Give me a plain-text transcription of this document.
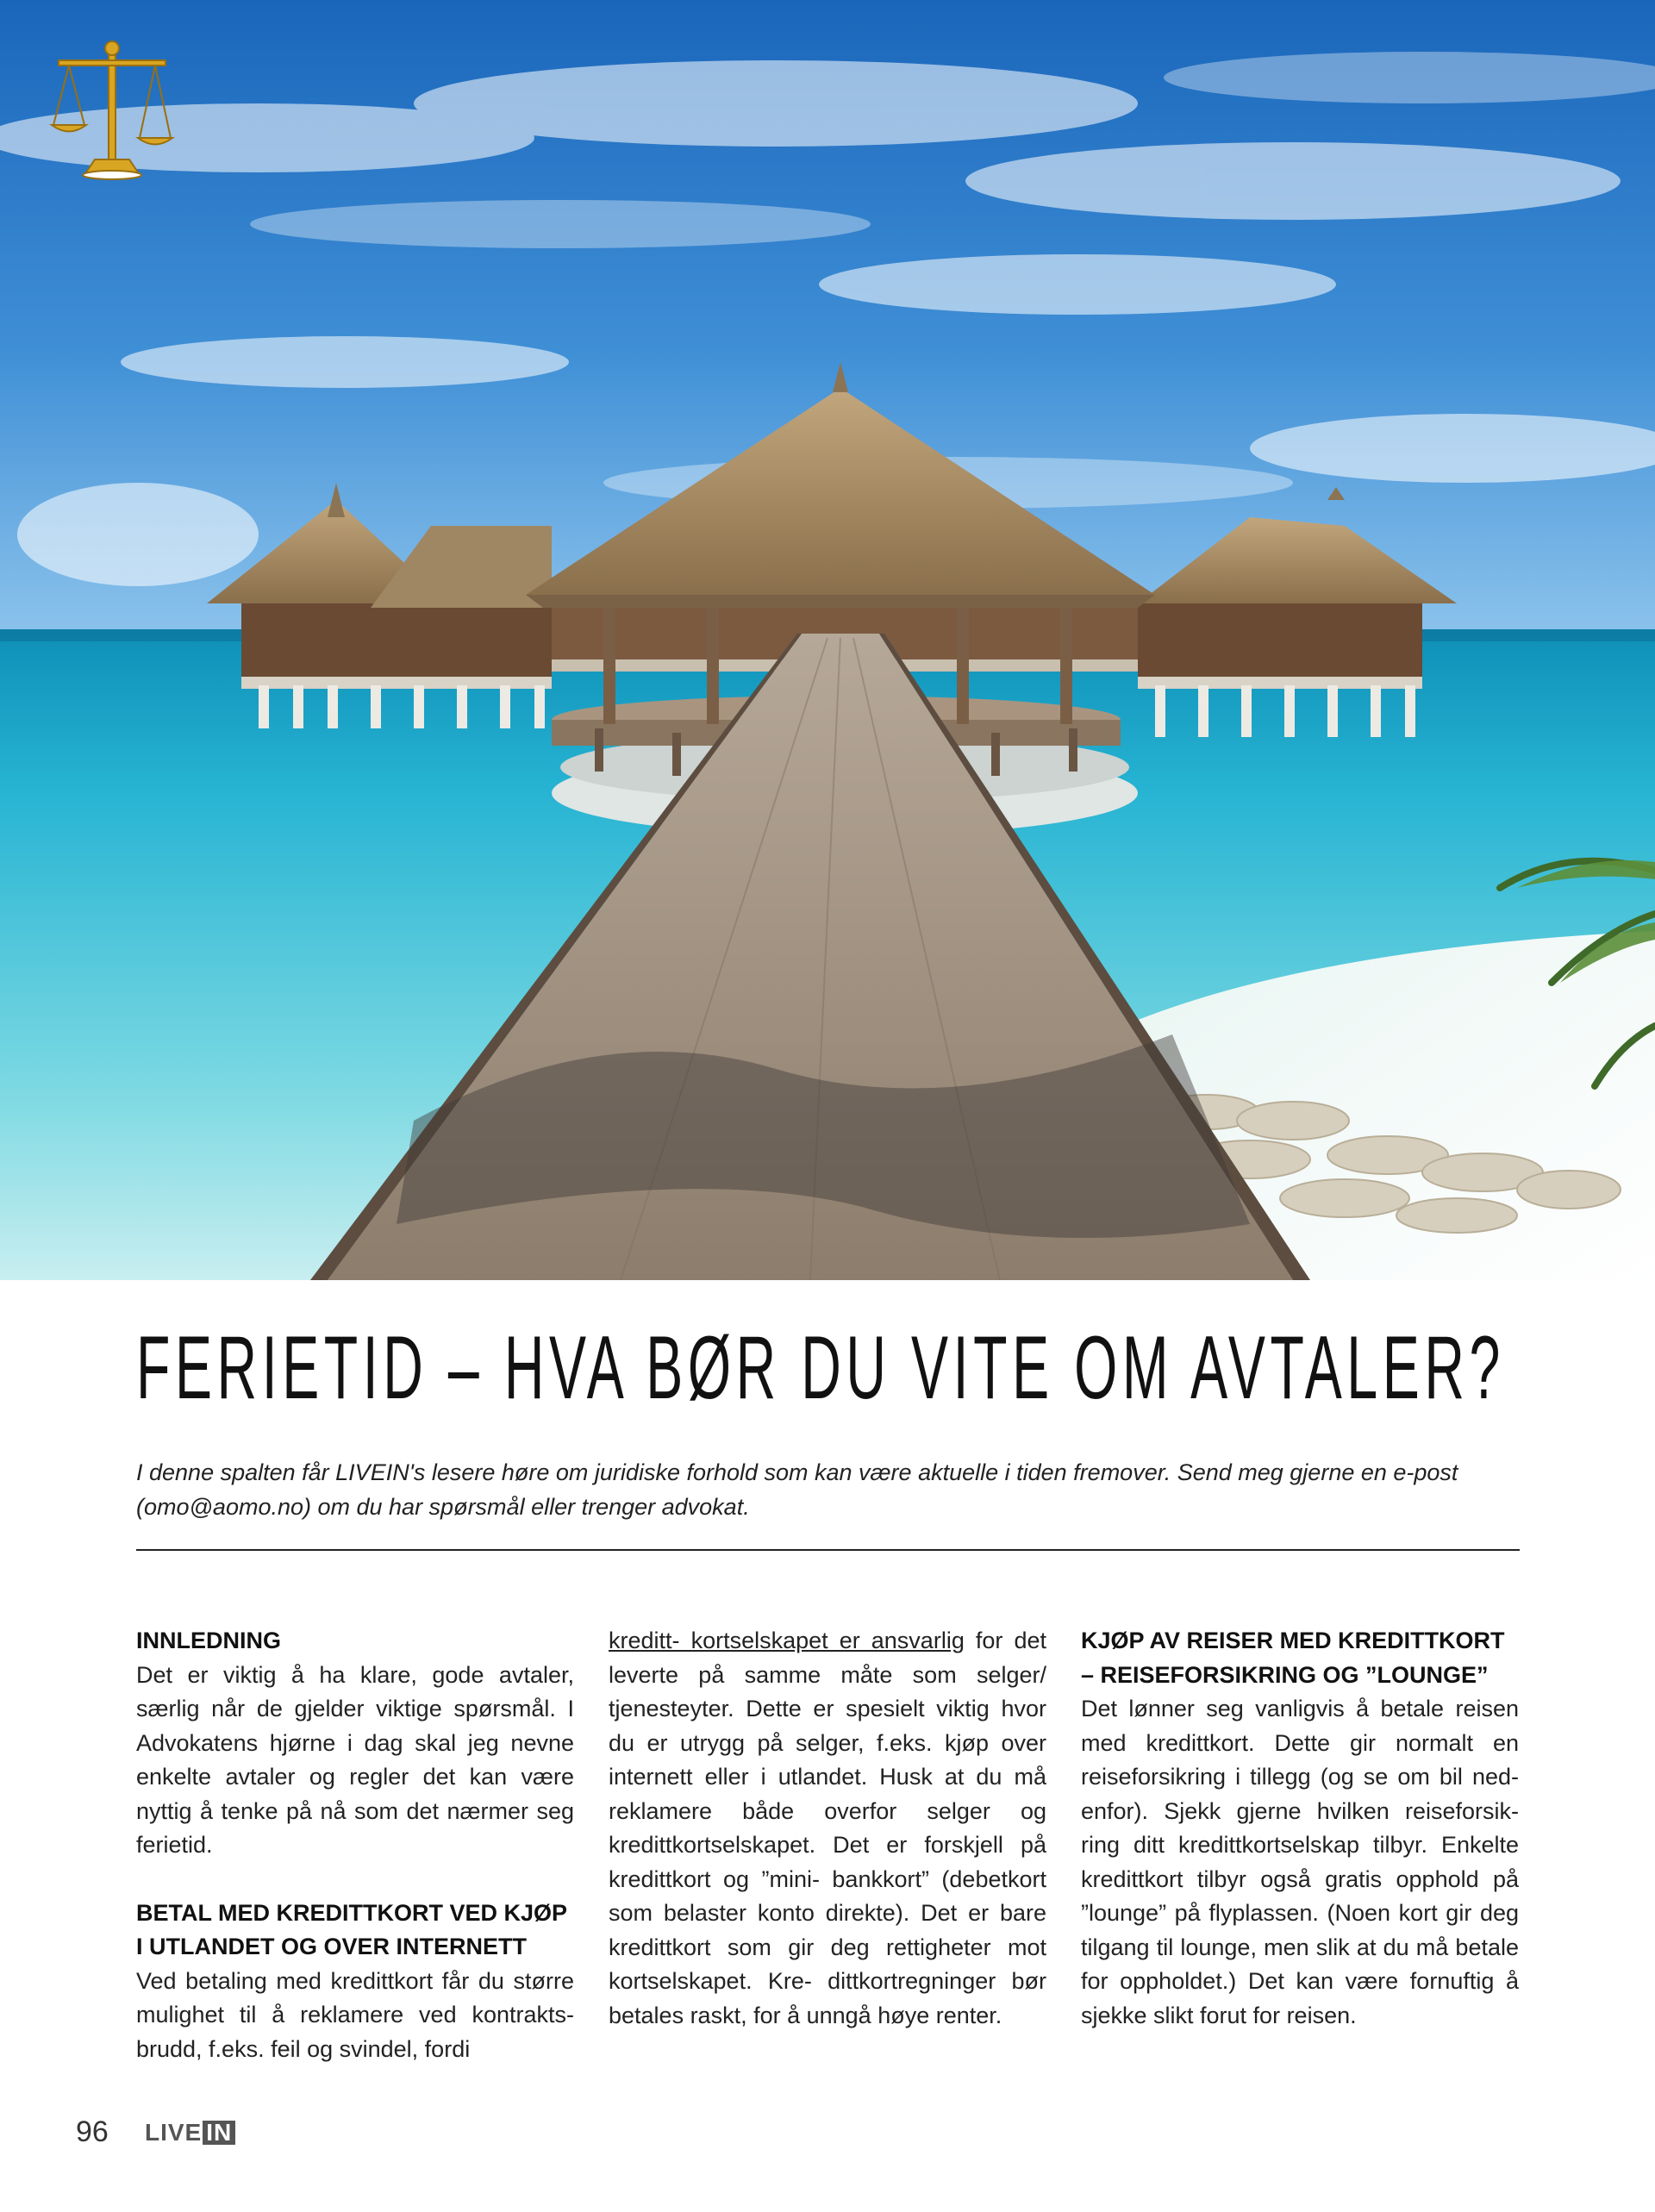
FERIETID – HVA BØR DU VITE OM AVTALER?

I denne spalten får LIVEIN's lesere høre om juridiske forhold som kan være aktuelle i tiden fremover. Send meg gjerne en e-post (omo@aomo.no) om du har spørsmål eller trenger advokat.

INNLEDNING

Det er viktig å ha klare, gode avtaler, særlig når de gjelder viktige spørsmål. I Advokatens hjørne i dag skal jeg nevne enkelte avtaler og regler det kan være nyttig å tenke på nå som det nærmer seg ferietid.

BETAL MED KREDITTKORT VED KJØP I UTLANDET OG OVER INTERNETT

Ved betaling med kredittkort får du større mulighet til å reklamere ved kontrakts- brudd, f.eks. feil og svindel, fordi

kreditt- kortselskapet er ansvarlig for det leverte på samme måte som selger/ tjenesteyter. Dette er spesielt viktig hvor du er utrygg på selger, f.eks. kjøp over internett eller i utlandet. Husk at du må reklamere både overfor selger og kredittkortselskapet. Det er forskjell på kredittkort og ”mini- bankkort” (debetkort som belaster konto direkte). Det er bare kredittkort som gir deg rettigheter mot kortselskapet. Kre- dittkortregninger bør betales raskt, for å unngå høye renter.

KJØP AV REISER MED KREDITTKORT – REISEFORSIKRING OG ”LOUNGE”

Det lønner seg vanligvis å betale reisen med kredittkort. Dette gir normalt en reiseforsikring i tillegg (og se om bil ned- enfor). Sjekk gjerne hvilken reiseforsik- ring ditt kredittkortselskap tilbyr. Enkelte kredittkort tilbyr også gratis opphold på ”lounge” på flyplassen. (Noen kort gir deg tilgang til lounge, men slik at du må betale for oppholdet.) Det kan være fornuftig å sjekke slikt forut for reisen.

96 LIVE IN
